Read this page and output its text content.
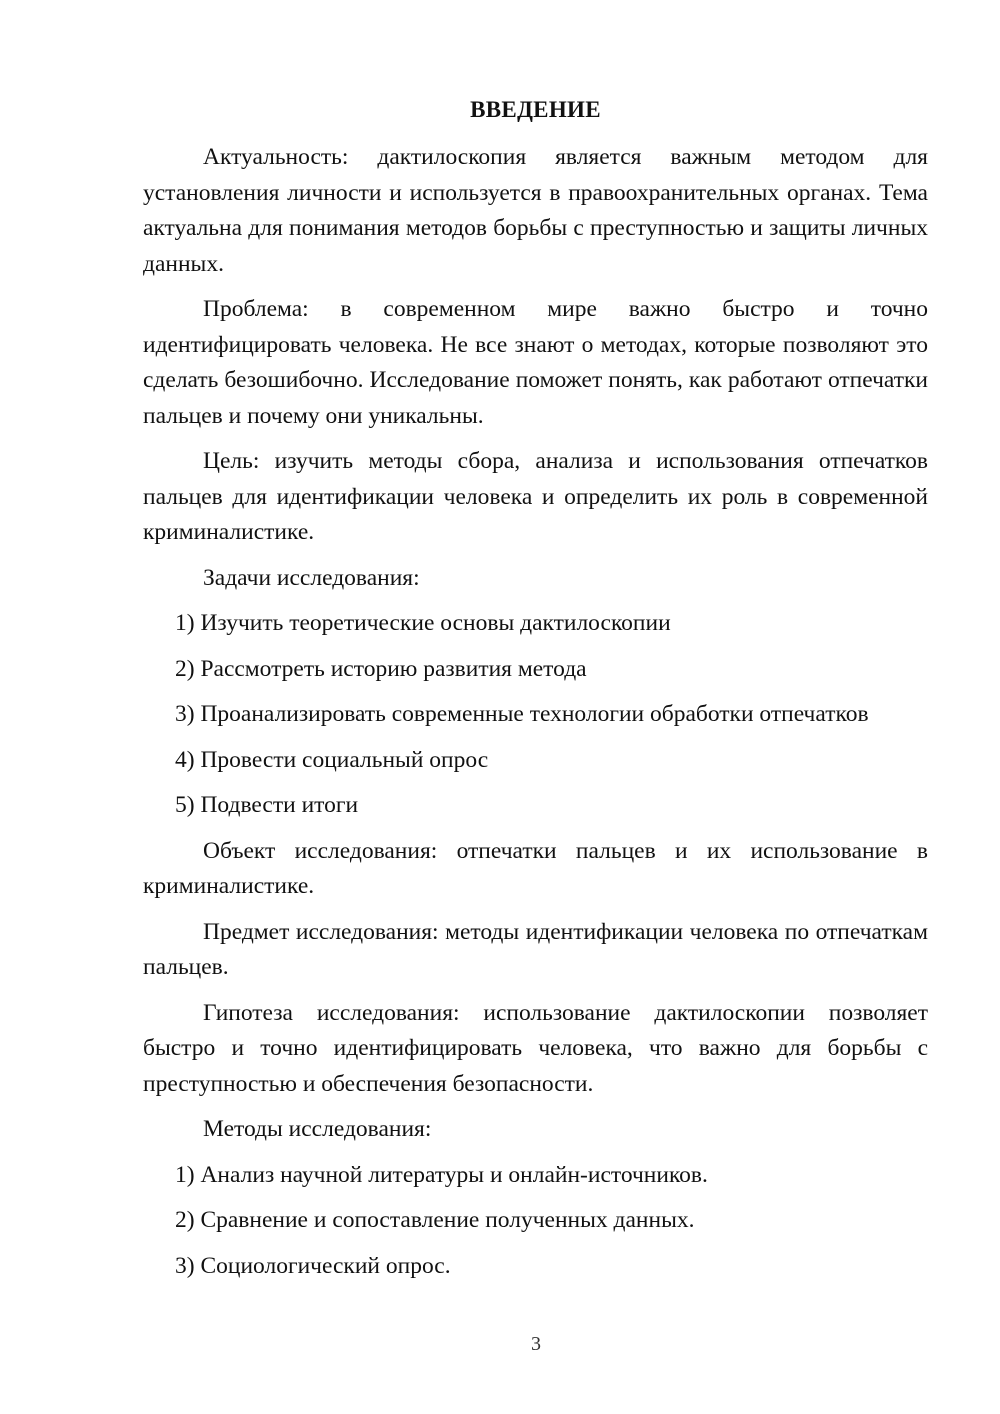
ВВЕДЕНИЕ

Актуальность: дактилоскопия является важным методом для установления личности и используется в правоохранительных органах. Тема актуальна для понимания методов борьбы с преступностью и защиты личных данных.

Проблема: в современном мире важно быстро и точно идентифицировать человека. Не все знают о методах, которые позволяют это сделать безошибочно. Исследование поможет понять, как работают отпечатки пальцев и почему они уникальны.

Цель: изучить методы сбора, анализа и использования отпечатков пальцев для идентификации человека и определить их роль в современной криминалистике.

Задачи исследования:
1) Изучить теоретические основы дактилоскопии
2) Рассмотреть историю развития метода
3) Проанализировать современные технологии обработки отпечатков
4) Провести социальный опрос
5) Подвести итоги

Объект исследования: отпечатки пальцев и их использование в криминалистике.

Предмет исследования: методы идентификации человека по отпечаткам пальцев.

Гипотеза исследования: использование дактилоскопии позволяет быстро и точно идентифицировать человека, что важно для борьбы с преступностью и обеспечения безопасности.

Методы исследования:
1) Анализ научной литературы и онлайн-источников.
2) Сравнение и сопоставление полученных данных.
3) Социологический опрос.
3
